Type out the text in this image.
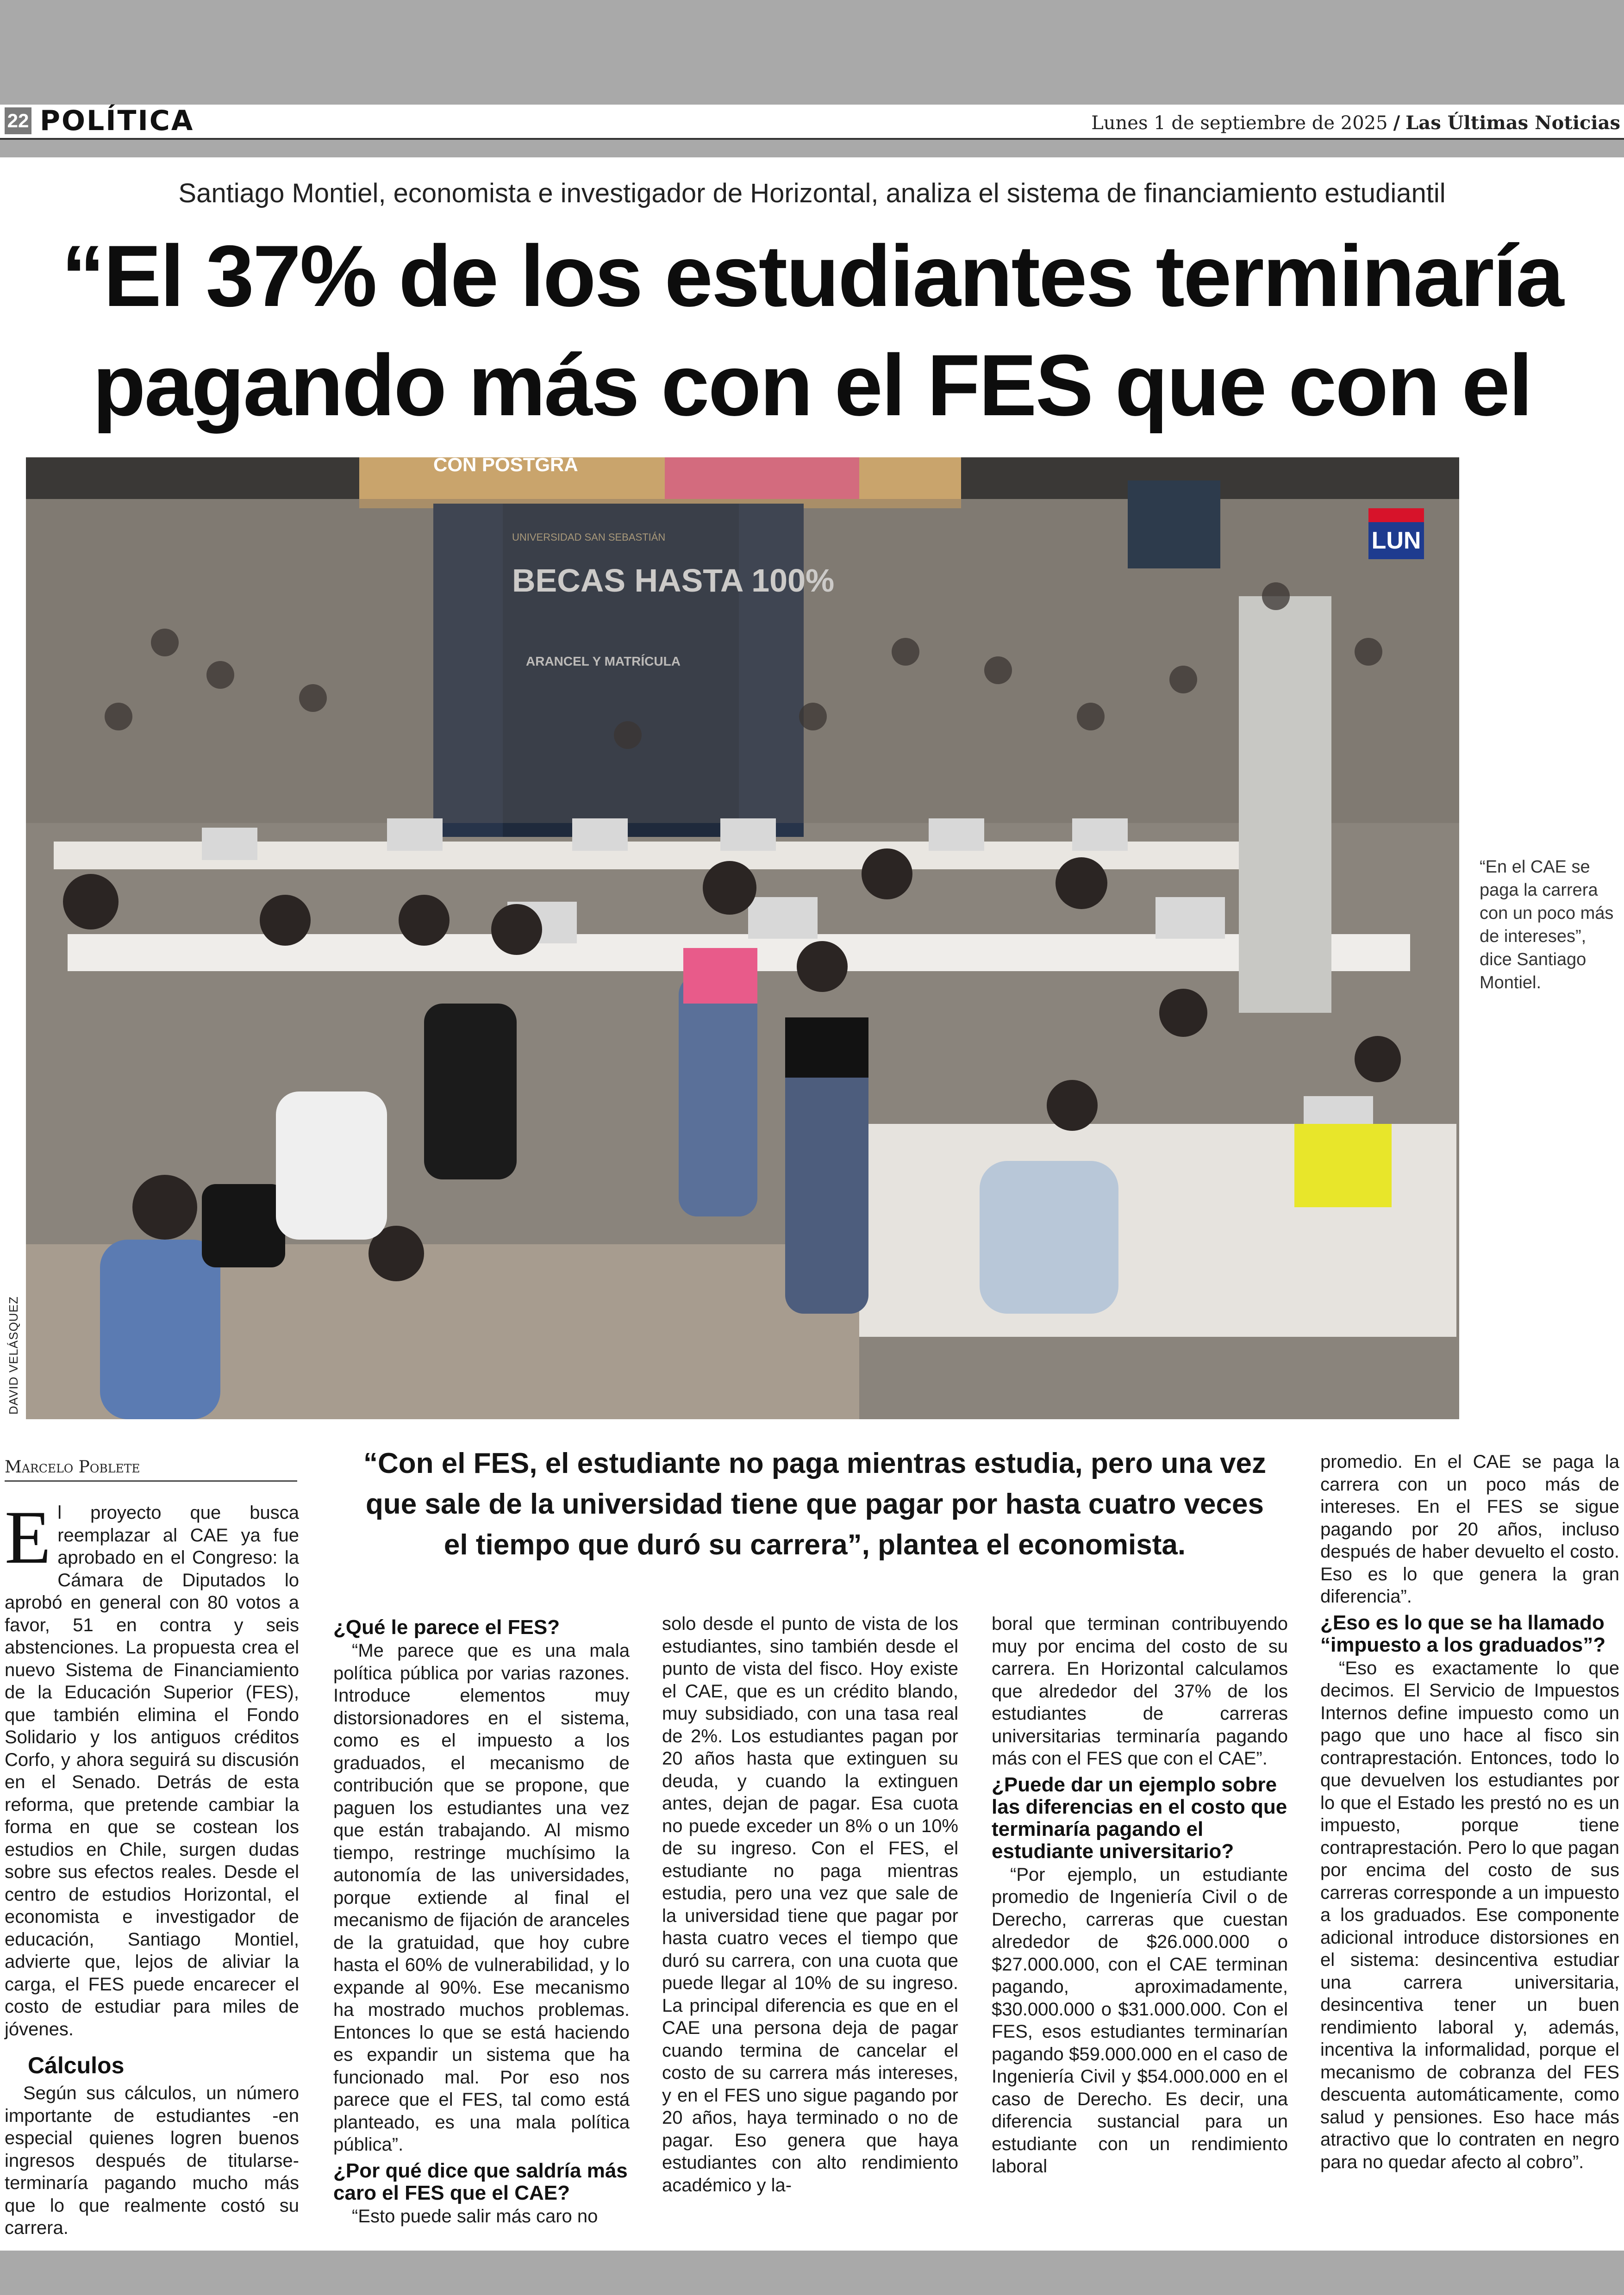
22 POLÍTICA	Lunes 1 de septiembre de 2025 / Las Últimas Noticias
Santiago Montiel, economista e investigador de Horizontal, analiza el sistema de financiamiento estudiantil
“El 37% de los estudiantes terminaría
pagando más con el FES que con el
CON POSTGRA
UNIVERSIDAD SAN SEBASTIÁN
BECAS HASTA 100%
ARANCEL Y MATRÍCULA
LUN
DAVID VELÁSQUEZ
“En el CAE se paga la carrera con un poco más de intereses”, dice Santiago Montiel.
Marcelo Poblete	“Con el FES, el estudiante no paga mientras estudia, pero una vez que sale de la universidad tiene que pagar por hasta cuatro veces el tiempo que duró su carrera”, plantea el economista.

El proyecto que busca reemplazar al CAE ya fue aprobado en el Congreso: la Cámara de Diputados lo aprobó en general con 80 votos a favor, 51 en contra y seis abstenciones. La propuesta crea el nuevo Sistema de Financiamiento de la Educación Superior (FES), que también elimina el Fondo Solidario y los antiguos créditos Corfo, y ahora seguirá su discusión en el Senado. Detrás de esta reforma, que pretende cambiar la forma en que se costean los estudios en Chile, surgen dudas sobre sus efectos reales. Desde el centro de estudios Horizontal, el economista e investigador de educación, Santiago Montiel, advierte que, lejos de aliviar la carga, el FES puede encarecer el costo de estudiar para miles de jóvenes.

Cálculos

Según sus cálculos, un número importante de estudiantes -en especial quienes logren buenos ingresos después de titularse- terminaría pagando mucho más que lo que realmente costó su carrera.

¿Qué le parece el FES?

“Me parece que es una mala política pública por varias razones. Introduce elementos muy distorsionadores en el sistema, como es el impuesto a los graduados, el mecanismo de contribución que se propone, que paguen los estudiantes una vez que están trabajando. Al mismo tiempo, restringe muchísimo la autonomía de las universidades, porque extiende al final el mecanismo de fijación de aranceles de la gratuidad, que hoy cubre hasta el 60% de vulnerabilidad, y lo expande al 90%. Ese mecanismo ha mostrado muchos problemas. Entonces lo que se está haciendo es expandir un sistema que ha funcionado mal. Por eso nos parece que el FES, tal como está planteado, es una mala política pública”.

¿Por qué dice que saldría más caro el FES que el CAE?

“Esto puede salir más caro no

solo desde el punto de vista de los estudiantes, sino también desde el punto de vista del fisco. Hoy existe el CAE, que es un crédito blando, muy subsidiado, con una tasa real de 2%. Los estudiantes pagan por 20 años hasta que extinguen su deuda, y cuando la extinguen antes, dejan de pagar. Esa cuota no puede exceder un 8% o un 10% de su ingreso. Con el FES, el estudiante no paga mientras estudia, pero una vez que sale de la universidad tiene que pagar por hasta cuatro veces el tiempo que duró su carrera, con una cuota que puede llegar al 10% de su ingreso. La principal diferencia es que en el CAE una persona deja de pagar cuando termina de cancelar el costo de su carrera más intereses, y en el FES uno sigue pagando por 20 años, haya terminado o no de pagar. Eso genera que haya estudiantes con alto rendimiento académico y la-

boral que terminan contribuyendo muy por encima del costo de su carrera. En Horizontal calculamos que alrededor del 37% de los estudiantes de carreras universitarias terminaría pagando más con el FES que con el CAE”.

¿Puede dar un ejemplo sobre las diferencias en el costo que terminaría pagando el estudiante universitario?

“Por ejemplo, un estudiante promedio de Ingeniería Civil o de Derecho, carreras que cuestan alrededor de $26.000.000 o $27.000.000, con el CAE terminan pagando, aproximadamente, $30.000.000 o $31.000.000. Con el FES, esos estudiantes terminarían pagando $59.000.000 en el caso de Ingeniería Civil y $54.000.000 en el caso de Derecho. Es decir, una diferencia sustancial para un estudiante con un rendimiento laboral

promedio. En el CAE se paga la carrera con un poco más de intereses. En el FES se sigue pagando por 20 años, incluso después de haber devuelto el costo. Eso es lo que genera la gran diferencia”.

¿Eso es lo que se ha llamado “impuesto a los graduados”?

“Eso es exactamente lo que decimos. El Servicio de Impuestos Internos define impuesto como un pago que uno hace al fisco sin contraprestación. Entonces, todo lo que devuelven los estudiantes por lo que el Estado les prestó no es un impuesto, porque tiene contraprestación. Pero lo que pagan por encima del costo de sus carreras corresponde a un impuesto a los graduados. Ese componente adicional introduce distorsiones en el sistema: desincentiva estudiar una carrera universitaria, desincentiva tener un buen rendimiento laboral y, además, incentiva la informalidad, porque el mecanismo de cobranza del FES descuenta automáticamente, como salud y pensiones. Eso hace más atractivo que lo contraten en negro para no quedar afecto al cobro”.
